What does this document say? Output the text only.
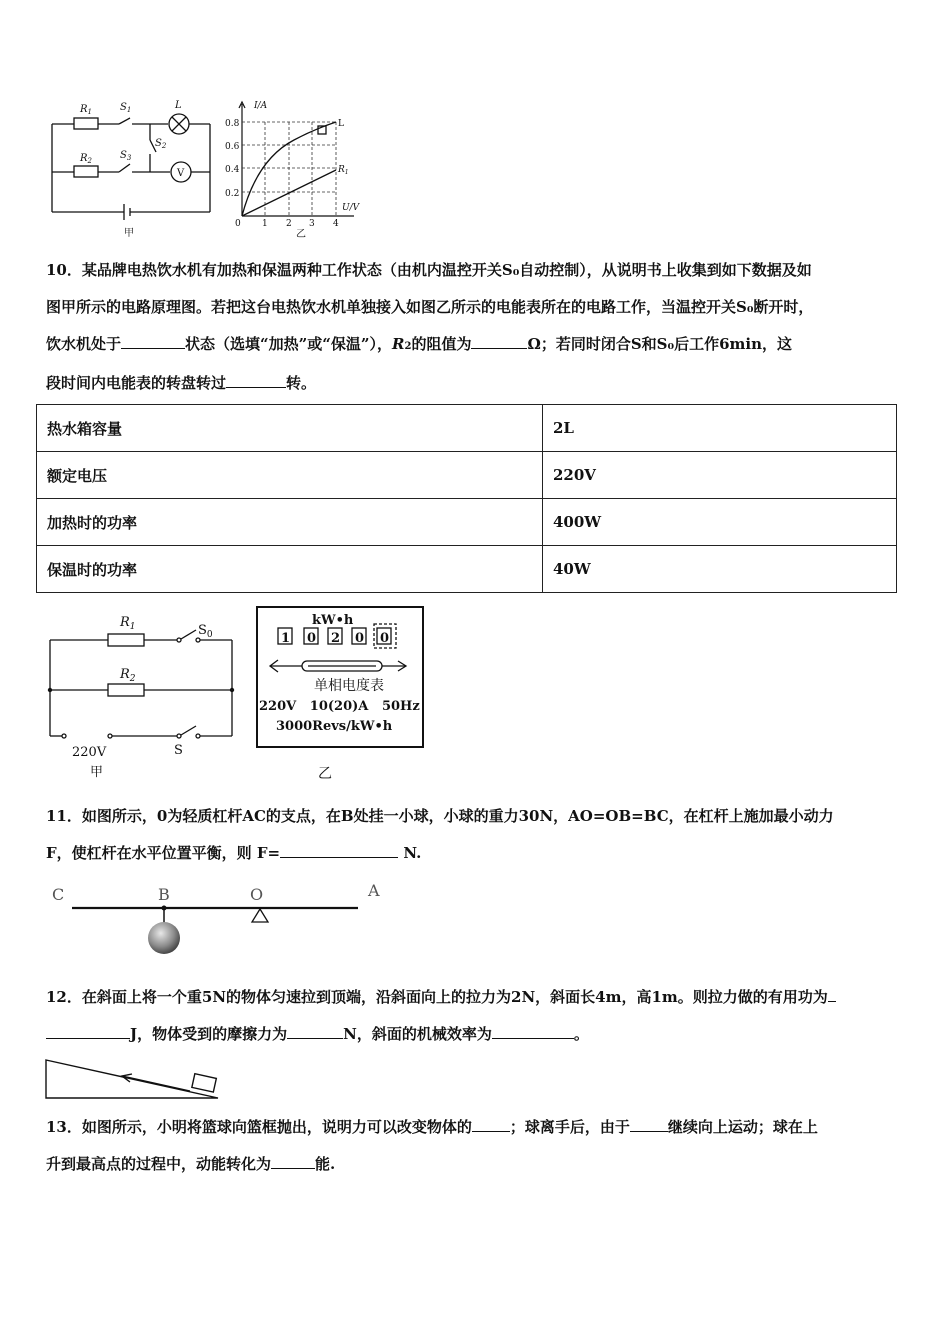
$R_1$	$S_1$	L
$S_2$
$R_2$	$S_3$
V
甲
I/A
0.8
0.6
0.4
0.2
0 1 2 3 4
U/V
L
$R_1$
乙
10．某品牌电热饮水机有加热和保温两种工作状态（由机内温控开关S₀自动控制），从说明书上收集到如下数据及如
图甲所示的电路原理图。若把这台电热饮水机单独接入如图乙所示的电能表所在的电路工作，当温控开关S₀断开时，
饮水机处于	状态（选填“加热”或“保温”），R2的阻值为	Ω；若同时闭合S和S₀后工作6min，这
段时间内电能表的转盘转过	转。
热水箱容量	2L
额定电压	220V
加热时的功率	400W
保温时的功率	40W
$R_1$	$S_0$
$R_2$
220V	S
甲
kW•h
1 0 2 0 0
单相电度表
220V   10(20)A   50Hz
3000Revs/kW•h
乙
11．如图所示，0为轻质杠杆AC的支点，在B处挂一小球，小球的重力30N，AO=OB=BC，在杠杆上施加最小动力
F，使杠杆在水平位置平衡，则 F=	N.
C	B	O	A
12．在斜面上将一个重5N的物体匀速拉到顶端，沿斜面向上的拉力为2N，斜面长4m，高1m。则拉力做的有用功为
J，物体受到的摩擦力为	N，斜面的机械效率为	。
13．如图所示，小明将篮球向篮框抛出，说明力可以改变物体的	；球离手后，由于	继续向上运动；球在上
升到最高点的过程中，动能转化为	能.
